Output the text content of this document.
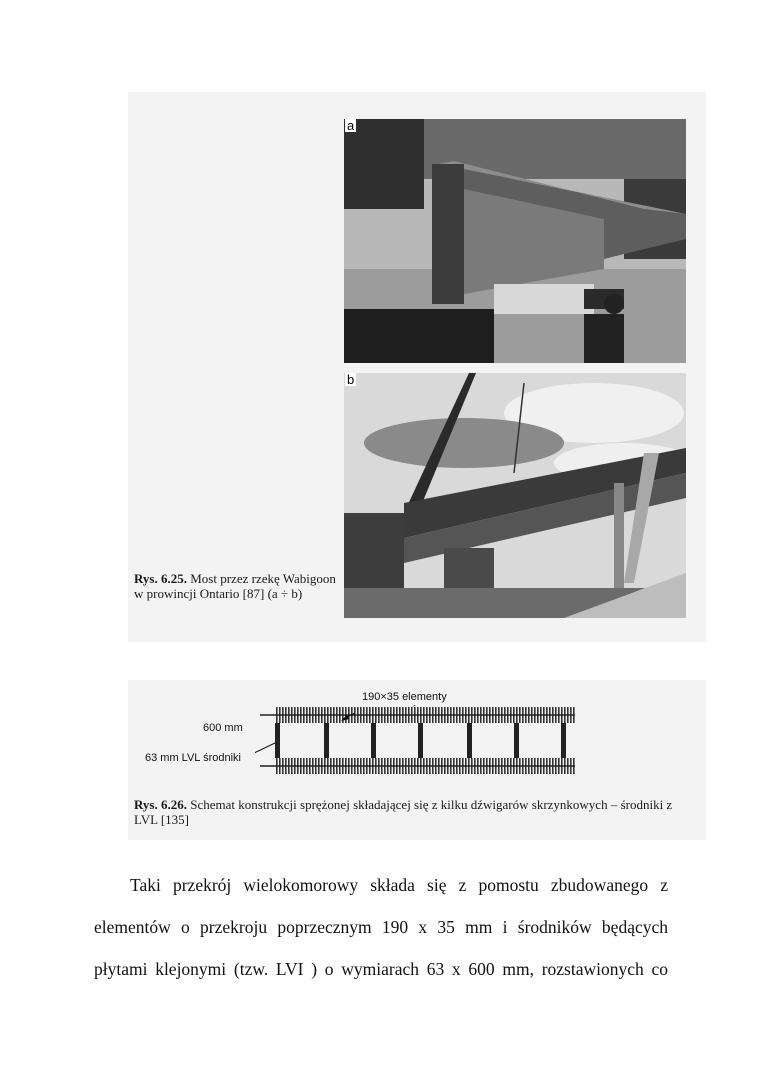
a
b
Rys. 6.25. Most przez rzekę Wabigoon w prowincji Ontario [87] (a ÷ b)
190×35 elementy
600 mm
63 mm LVL środniki
Rys. 6.26. Schemat konstrukcji sprężonej składającej się z kilku dźwigarów skrzynkowych – środniki z LVL [135]
Taki przekrój wielokomorowy składa się z pomostu zbudowanego z
elementów o przekroju poprzecznym 190 x 35 mm i środników będących
płytami klejonymi (tzw. LVI ) o wymiarach 63 x 600 mm, rozstawionych co
